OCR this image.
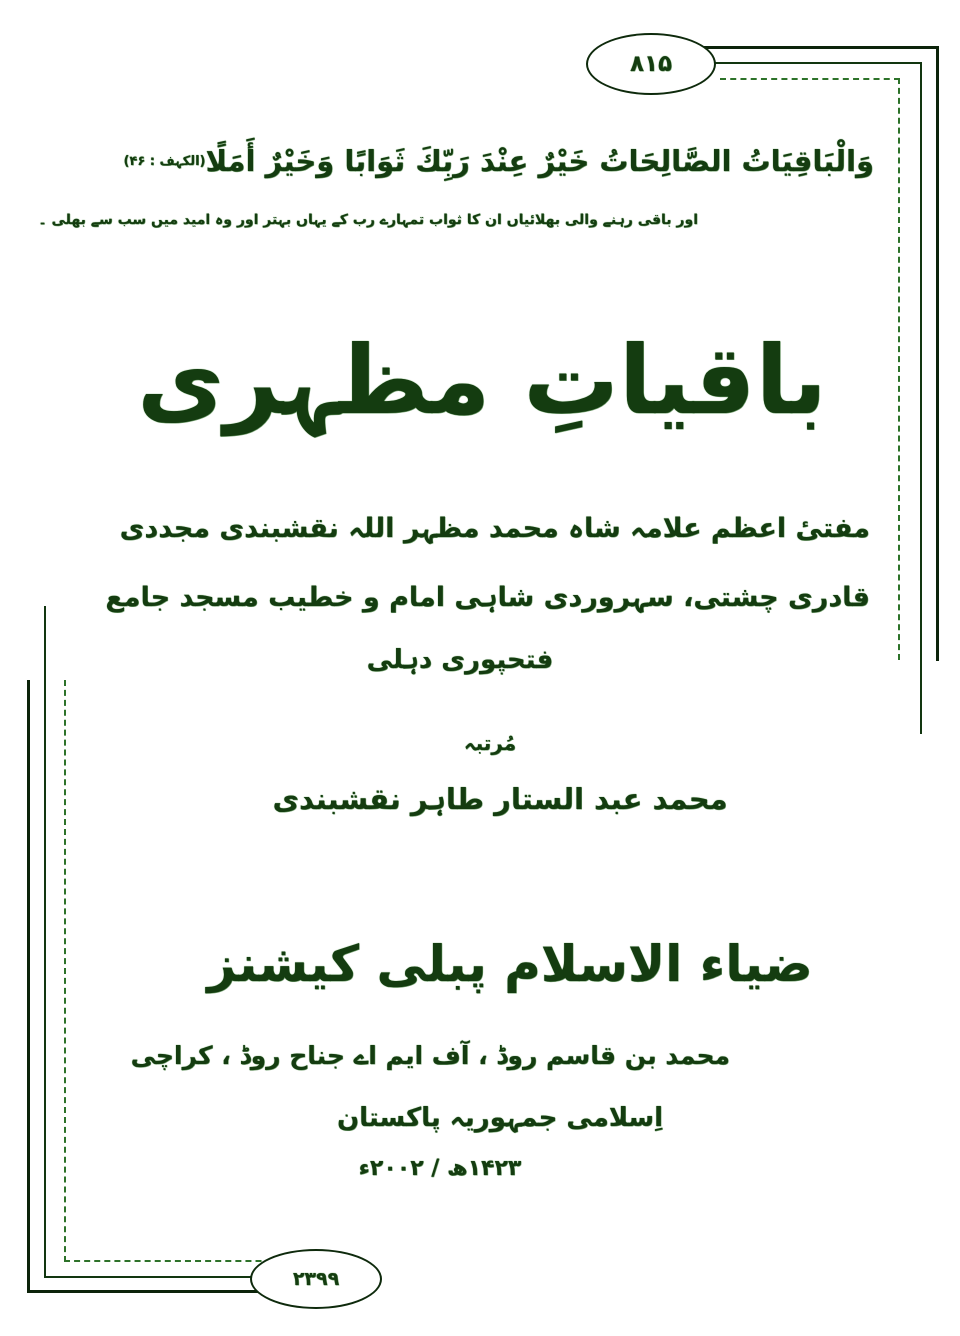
۸۱۵
۲۳۹۹
وَالْبَاقِيَاتُ الصَّالِحَاتُ خَيْرٌ عِنْدَ رَبِّكَ ثَوَابًا وَخَيْرٌ أَمَلًا
(الکہف : ۴۶)
اور باقی رہنے والی بھلائیاں ان کا ثواب تمہارے رب کے یہاں بہتر اور وہ امید میں سب سے بھلی ۔
باقیاتِ مظہری
مفتیٔ اعظم علامہ شاہ محمد مظہر اللہ نقشبندی مجددی
قادری چشتی، سہروردی شاہی امام و خطیب مسجد جامع
فتحپوری دہلی
مُرتبہ
محمد عبد الستار طاہر نقشبندی
ضیاء الاسلام پبلی کیشنز
محمد بن قاسم روڈ ، آف ایم اے جناح روڈ ، کراچی
اِسلامی جمہوریہ پاکستان
۱۴۲۳ھ / ۲۰۰۲ء
